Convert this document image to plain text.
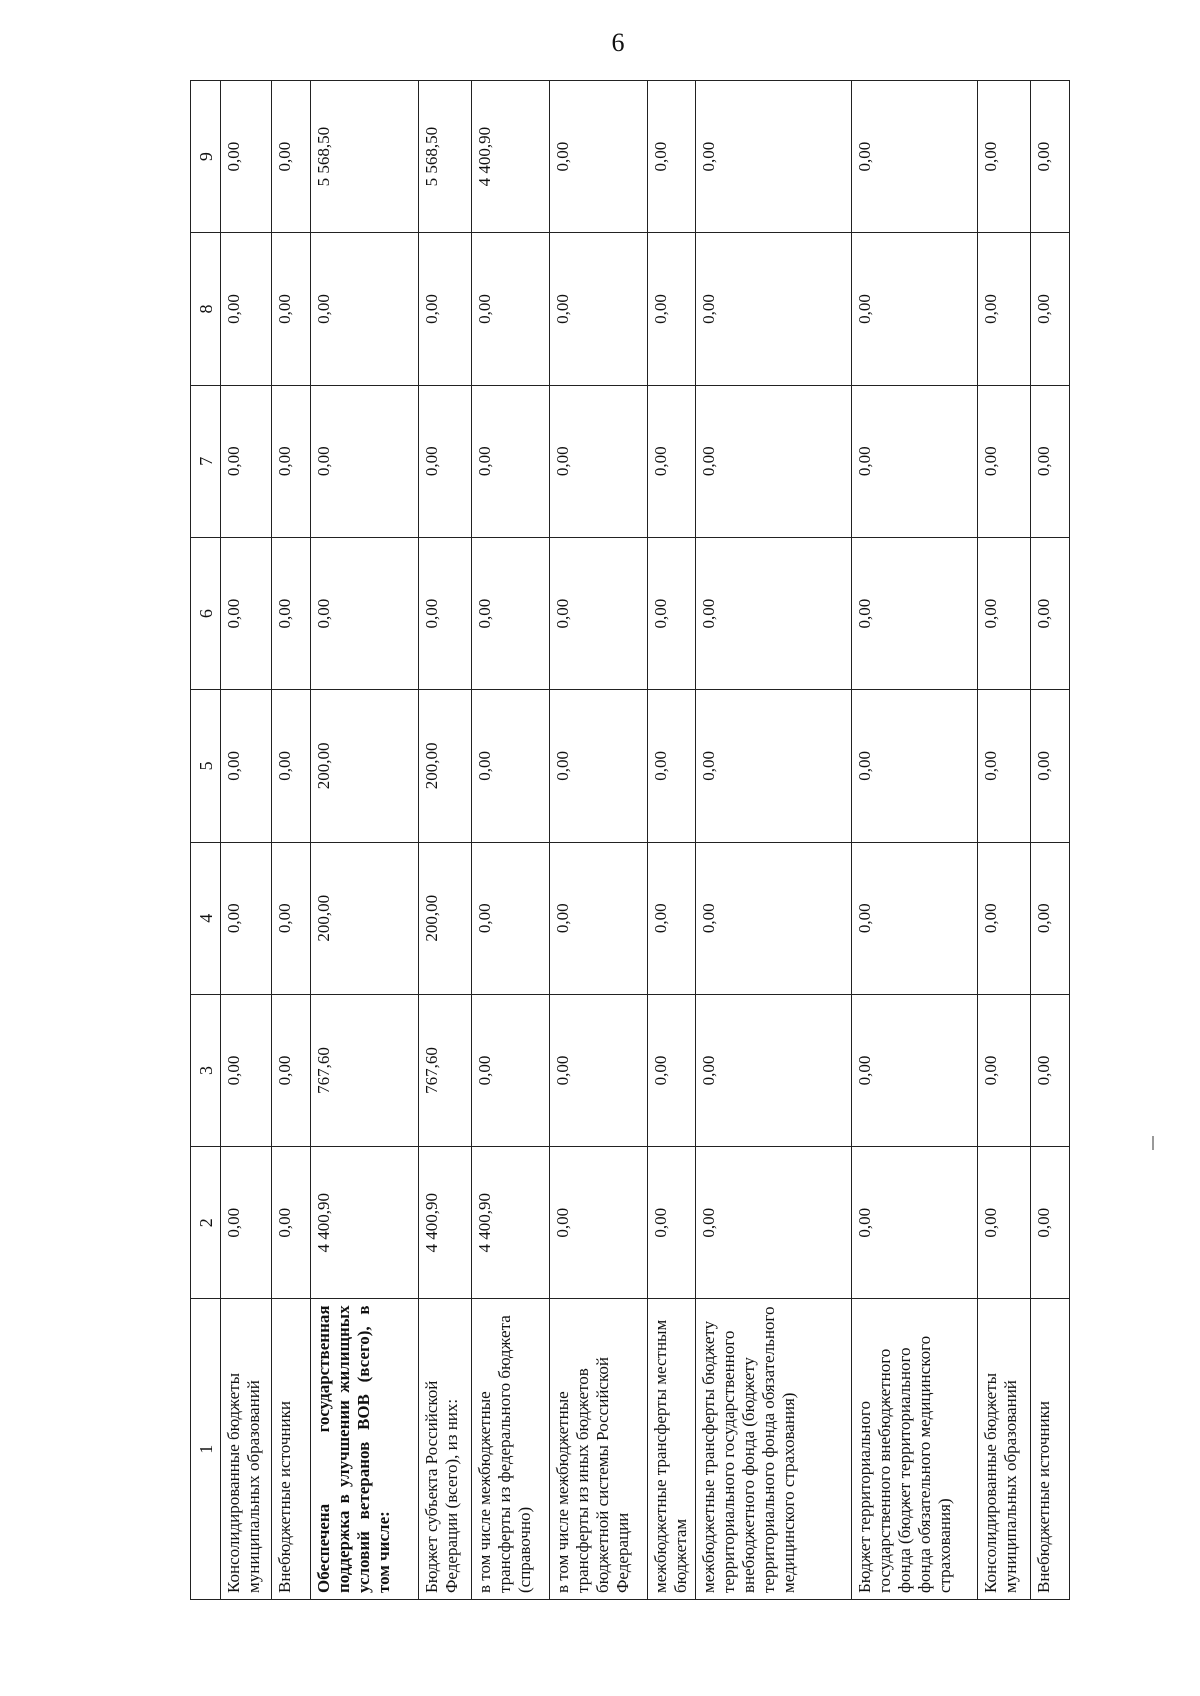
6
1	2	3	4	5	6	7	8	9
Консолидированные бюджеты муниципальных образований	0,00	0,00	0,00	0,00	0,00	0,00	0,00	0,00
Внебюджетные источники	0,00	0,00	0,00	0,00	0,00	0,00	0,00	0,00
Обеспечена государственная поддержка в улучшении жилищных условий ветеранов ВОВ (всего), в том числе:	4 400,90	767,60	200,00	200,00	0,00	0,00	0,00	5 568,50
Бюджет субъекта Российской Федерации (всего), из них:	4 400,90	767,60	200,00	200,00	0,00	0,00	0,00	5 568,50
в том числе межбюджетные трансферты из федерального бюджета (справочно)	4 400,90	0,00	0,00	0,00	0,00	0,00	0,00	4 400,90
в том числе межбюджетные трансферты из иных бюджетов бюджетной системы Российской Федерации	0,00	0,00	0,00	0,00	0,00	0,00	0,00	0,00
межбюджетные трансферты местным бюджетам	0,00	0,00	0,00	0,00	0,00	0,00	0,00	0,00
межбюджетные трансферты бюджету территориального государственного внебюджетного фонда (бюджету территориального фонда обязательного медицинского страхования)	0,00	0,00	0,00	0,00	0,00	0,00	0,00	0,00
Бюджет территориального государственного внебюджетного фонда (бюджет территориального фонда обязательного медицинского страхования)	0,00	0,00	0,00	0,00	0,00	0,00	0,00	0,00
Консолидированные бюджеты муниципальных образований	0,00	0,00	0,00	0,00	0,00	0,00	0,00	0,00
Внебюджетные источники	0,00	0,00	0,00	0,00	0,00	0,00	0,00	0,00
